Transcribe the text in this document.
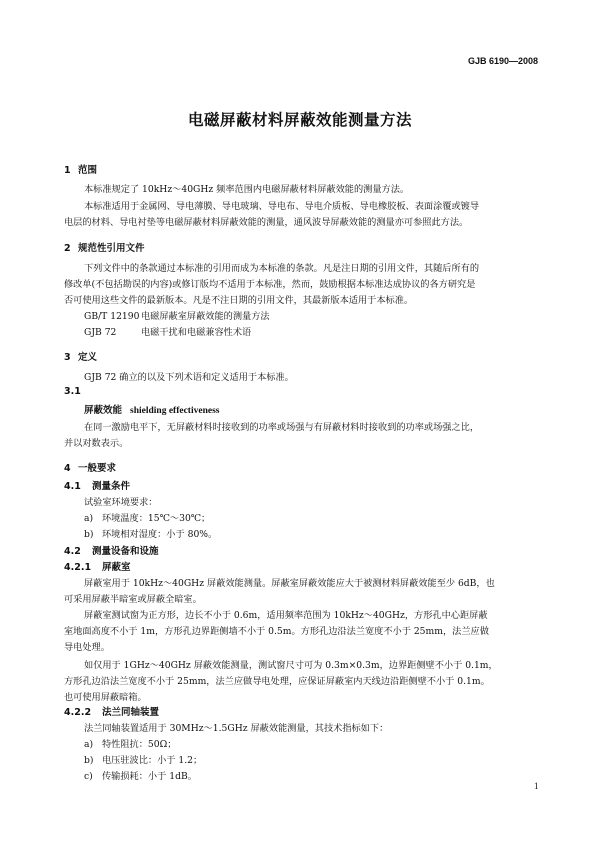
GJB 6190—2008
电磁屏蔽材料屏蔽效能测量方法
1 范围
本标准规定了 10kHz～40GHz 频率范围内电磁屏蔽材料屏蔽效能的测量方法。
本标准适用于金属网、导电薄膜、导电玻璃、导电布、导电介质板、导电橡胶板、表面涂覆或镀导
电层的材料、导电衬垫等电磁屏蔽材料屏蔽效能的测量，通风波导屏蔽效能的测量亦可参照此方法。
2 规范性引用文件
下列文件中的条款通过本标准的引用而成为本标准的条款。凡是注日期的引用文件，其随后所有的
修改单(不包括勘误的内容)或修订版均不适用于本标准，然而，鼓励根据本标准达成协议的各方研究是
否可使用这些文件的最新版本。凡是不注日期的引用文件，其最新版本适用于本标准。
GB/T 12190 电磁屏蔽室屏蔽效能的测量方法
GJB 72	电磁干扰和电磁兼容性术语
3 定义
GJB 72 确立的以及下列术语和定义适用于本标准。
3.1
屏蔽效能 shielding effectiveness
在同一激励电平下，无屏蔽材料时接收到的功率或场强与有屏蔽材料时接收到的功率或场强之比，
并以对数表示。
4 一般要求
4.1 测量条件
试验室环境要求：
a) 环境温度：15℃～30℃；
b) 环境相对湿度：小于 80%。
4.2 测量设备和设施
4.2.1 屏蔽室
屏蔽室用于 10kHz～40GHz 屏蔽效能测量。屏蔽室屏蔽效能应大于被测材料屏蔽效能至少 6dB，也
可采用屏蔽半暗室或屏蔽全暗室。
屏蔽室测试窗为正方形，边长不小于 0.6m，适用频率范围为 10kHz～40GHz，方形孔中心距屏蔽
室地面高度不小于 1m，方形孔边界距侧墙不小于 0.5m。方形孔边沿法兰宽度不小于 25mm，法兰应做
导电处理。
如仅用于 1GHz～40GHz 屏蔽效能测量，测试窗尺寸可为 0.3m×0.3m，边界距侧壁不小于 0.1m，
方形孔边沿法兰宽度不小于 25mm，法兰应做导电处理，应保证屏蔽室内天线边沿距侧壁不小于 0.1m。
也可使用屏蔽暗箱。
4.2.2 法兰同轴装置
法兰同轴装置适用于 30MHz～1.5GHz 屏蔽效能测量，其技术指标如下：
a) 特性阻抗：50Ω；
b) 电压驻波比：小于 1.2；
c) 传输损耗：小于 1dB。
1
